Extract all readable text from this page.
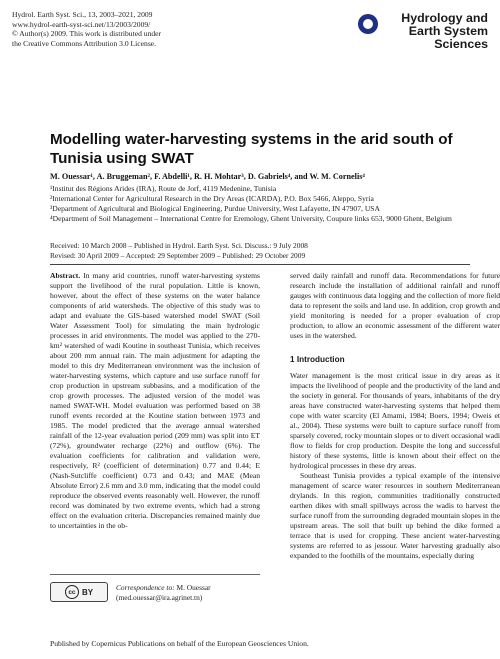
Hydrol. Earth Syst. Sci., 13, 2003–2021, 2009
www.hydrol-earth-syst-sci.net/13/2003/2009/
© Author(s) 2009. This work is distributed under
the Creative Commons Attribution 3.0 License.
Hydrology and
Earth System
Sciences
Modelling water-harvesting systems in the arid south of Tunisia using SWAT
M. Ouessar¹, A. Bruggeman², F. Abdelli¹, R. H. Mohtar³, D. Gabriels⁴, and W. M. Cornelis⁴
¹Institut des Régions Arides (IRA), Route de Jorf, 4119 Medenine, Tunisia
²International Center for Agricultural Research in the Dry Areas (ICARDA), P.O. Box 5466, Aleppo, Syria
³Department of Agricultural and Biological Engineering, Purdue University, West Lafayette, IN 47907, USA
⁴Department of Soil Management – International Centre for Eremology, Ghent University, Coupure links 653, 9000 Ghent, Belgium
Received: 10 March 2008 – Published in Hydrol. Earth Syst. Sci. Discuss.: 9 July 2008
Revised: 30 April 2009 – Accepted: 29 September 2009 – Published: 29 October 2009

Abstract. In many arid countries, runoff water-harvesting systems support the livelihood of the rural population. Little is known, however, about the effect of these systems on the water balance components of arid watersheds. The objective of this study was to adapt and evaluate the GIS-based watershed model SWAT (Soil Water Assessment Tool) for simulating the main hydrologic processes in arid environments. The model was applied to the 270-km² watershed of wadi Koutine in southeast Tunisia, which receives about 200 mm annual rain. The main adjustment for adapting the model to this dry Mediterranean environment was the inclusion of water-harvesting systems, which capture and use surface runoff for crop production in upstream subbasins, and a modification of the crop growth processes. The adjusted version of the model was named SWAT-WH. Model evaluation was performed based on 38 runoff events recorded at the Koutine station between 1973 and 1985. The model predicted that the average annual watershed rainfall of the 12-year evaluation period (209 mm) was split into ET (72%), groundwater recharge (22%) and outflow (6%). The evaluation coefficients for calibration and validation were, respectively, R² (coefficient of determination) 0.77 and 0.44; E (Nash-Sutcliffe coefficient) 0.73 and 0.43; and MAE (Mean Absolute Error) 2.6 mm and 3.0 mm, indicating that the model could reproduce the observed events reasonably well. However, the runoff record was dominated by two extreme events, which had a strong effect on the evaluation criteria. Discrepancies remained mainly due to uncertainties in the ob-

served daily rainfall and runoff data. Recommendations for future research include the installation of additional rainfall and runoff gauges with continuous data logging and the collection of more field data to represent the soils and land use. In addition, crop growth and yield monitoring is needed for a proper evaluation of crop production, to allow an economic assessment of the different water uses in the watershed.

1 Introduction

Water management is the most critical issue in dry areas as it impacts the livelihood of people and the productivity of the land and the society in general. For thousands of years, inhabitants of the dry areas have constructed water-harvesting systems that helped them cope with water scarcity (El Amami, 1984; Boers, 1994; Oweis et al., 2004). These systems were built to capture surface runoff from sparsely covered, rocky mountain slopes or to divert occasional wadi flow to fields for crop production. Despite the long and successful history of these systems, little is known about their effect on the hydrological processes in these dry areas.

Southeast Tunisia provides a typical example of the intensive management of scarce water resources in southern Mediterranean drylands. In this region, communities traditionally constructed earthen dikes with small spillways across the wadis to harvest the surface runoff from the surrounding degraded mountain slopes in the upstream areas. The soil that built up behind the dike formed a terrace that is used for cropping. These ancient water-harvesting systems are referred to as jessour. Water harvesting gradually also expanded to the foothills of the mountains, especially during

cc BY	Correspondence to: M. Ouessar
(med.ouessar@ira.agrinet.tn)
Published by Copernicus Publications on behalf of the European Geosciences Union.
